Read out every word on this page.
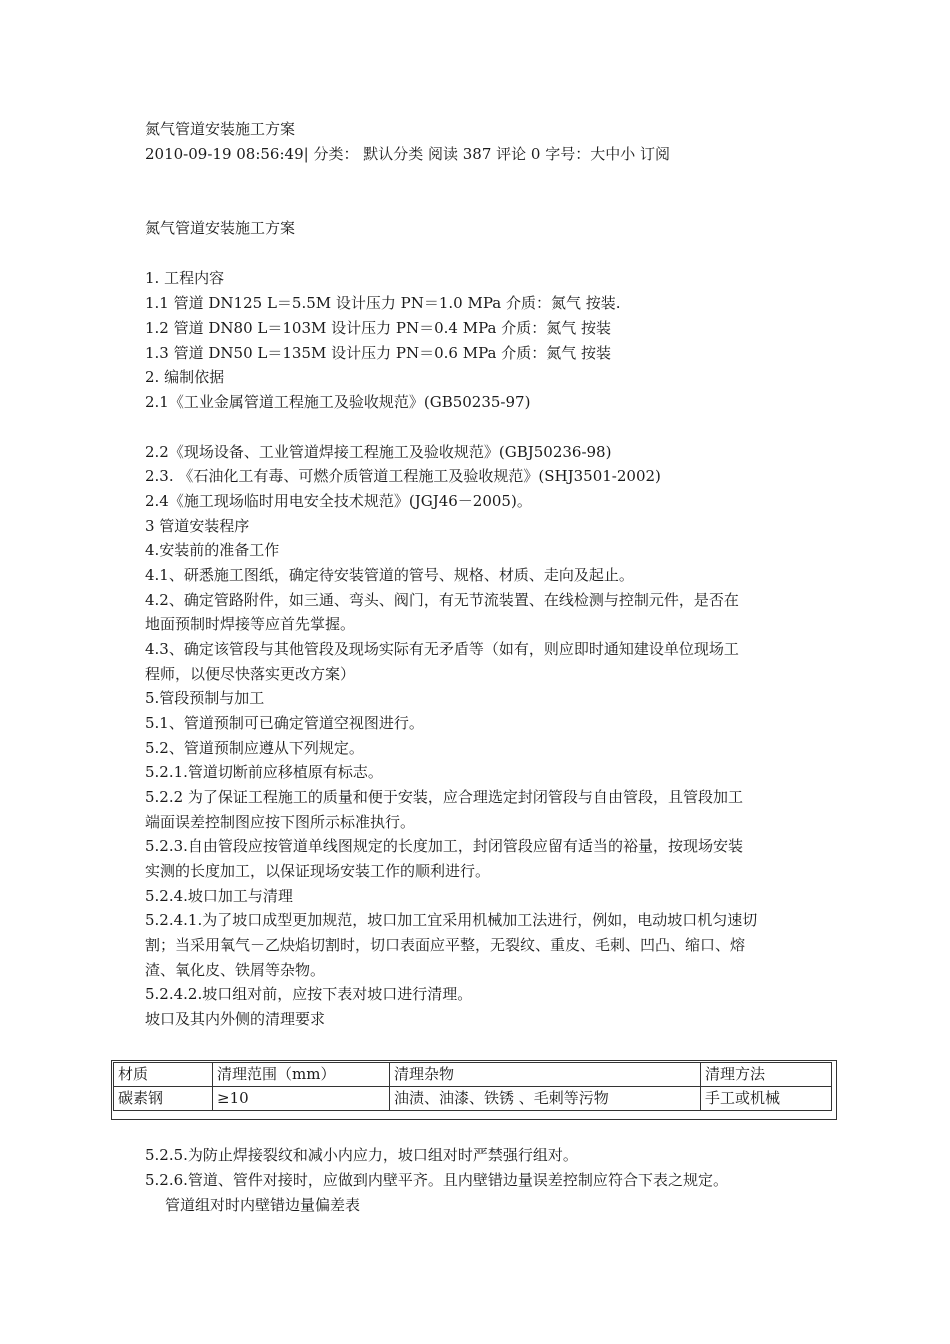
氮气管道安装施工方案
2010-09-19 08:56:49| 分类： 默认分类 阅读 387 评论 0 字号：大中小 订阅
氮气管道安装施工方案
1. 工程内容
1.1 管道 DN125 L＝5.5M 设计压力 PN＝1.0 MPa 介质：氮气 按装.
1.2 管道 DN80 L＝103M 设计压力 PN＝0.4 MPa 介质：氮气 按装
1.3 管道 DN50 L＝135M 设计压力 PN＝0.6 MPa 介质：氮气 按装
2. 编制依据
2.1《工业金属管道工程施工及验收规范》(GB50235-97)
2.2《现场设备、工业管道焊接工程施工及验收规范》(GBJ50236-98)
2.3. 《石油化工有毒、可燃介质管道工程施工及验收规范》(SHJ3501-2002)
2.4《施工现场临时用电安全技术规范》(JGJ46－2005)。
3 管道安装程序
4.安装前的准备工作
4.1、研悉施工图纸，确定待安装管道的管号、规格、材质、走向及起止。
4.2、确定管路附件，如三通、弯头、阀门，有无节流装置、在线检测与控制元件，是否在
地面预制时焊接等应首先掌握。
4.3、确定该管段与其他管段及现场实际有无矛盾等（如有，则应即时通知建设单位现场工
程师，以便尽快落实更改方案）
5.管段预制与加工
5.1、管道预制可已确定管道空视图进行。
5.2、管道预制应遵从下列规定。
5.2.1.管道切断前应移植原有标志。
5.2.2 为了保证工程施工的质量和便于安装，应合理选定封闭管段与自由管段，且管段加工
端面误差控制图应按下图所示标准执行。
5.2.3.自由管段应按管道单线图规定的长度加工，封闭管段应留有适当的裕量，按现场安装
实测的长度加工，以保证现场安装工作的顺利进行。
5.2.4.坡口加工与清理
5.2.4.1.为了坡口成型更加规范，坡口加工宜采用机械加工法进行，例如，电动坡口机匀速切
割；当采用氧气－乙炔焰切割时，切口表面应平整，无裂纹、重皮、毛刺、凹凸、缩口、熔
渣、氧化皮、铁屑等杂物。
5.2.4.2.坡口组对前，应按下表对坡口进行清理。
坡口及其内外侧的清理要求
材质	清理范围（mm）	清理杂物	清理方法
碳素钢	≥10	油渍、油漆、铁锈 、毛刺等污物	手工或机械
5.2.5.为防止焊接裂纹和减小内应力，坡口组对时严禁强行组对。
5.2.6.管道、管件对接时，应做到内壁平齐。且内壁错边量误差控制应符合下表之规定。
管道组对时内壁错边量偏差表
